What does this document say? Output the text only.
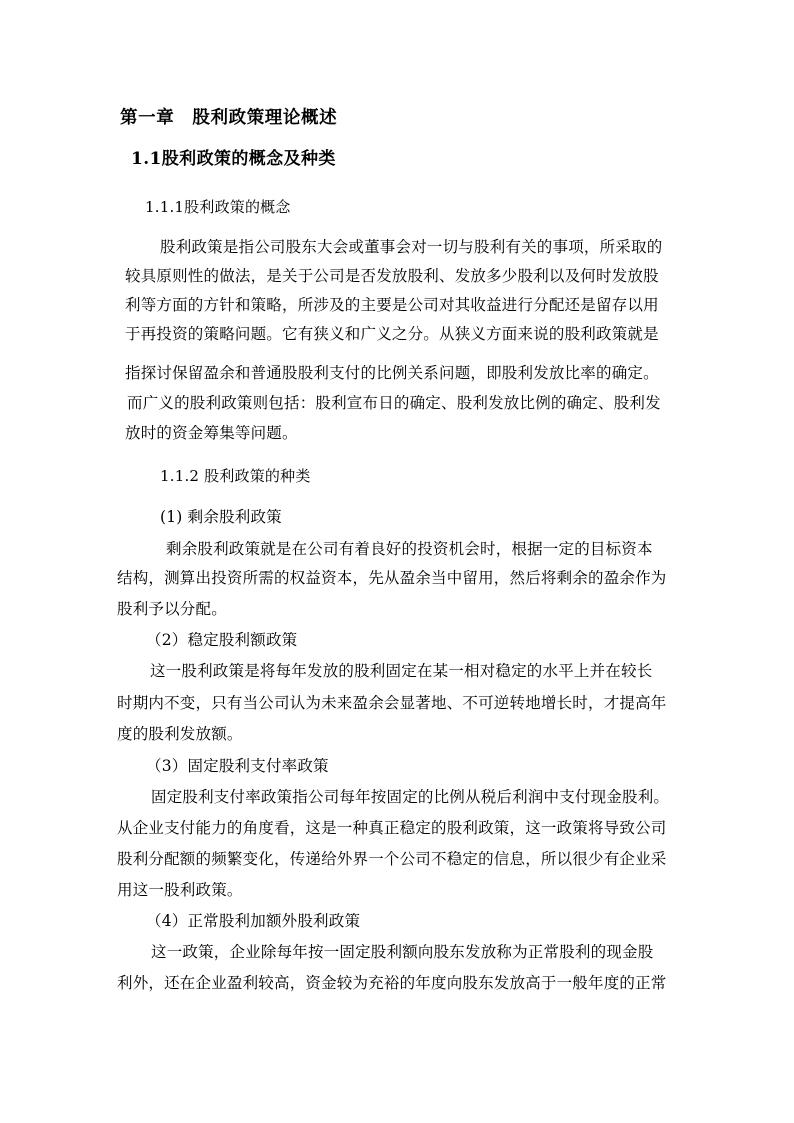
第一章　股利政策理论概述
1.1股利政策的概念及种类
1.1.1股利政策的概念
股利政策是指公司股东大会或董事会对一切与股利有关的事项，所采取的
较具原则性的做法，是关于公司是否发放股利、发放多少股利以及何时发放股
利等方面的方针和策略，所涉及的主要是公司对其收益进行分配还是留存以用
于再投资的策略问题。它有狭义和广义之分。从狭义方面来说的股利政策就是
指探讨保留盈余和普通股股利支付的比例关系问题，即股利发放比率的确定。
而广义的股利政策则包括：股利宣布日的确定、股利发放比例的确定、股利发
放时的资金筹集等问题。
1.1.2 股利政策的种类
(1) 剩余股利政策
剩余股利政策就是在公司有着良好的投资机会时，根据一定的目标资本
结构，测算出投资所需的权益资本，先从盈余当中留用，然后将剩余的盈余作为
股利予以分配。
（2）稳定股利额政策
这一股利政策是将每年发放的股利固定在某一相对稳定的水平上并在较长
时期内不变，只有当公司认为未来盈余会显著地、不可逆转地增长时，才提高年
度的股利发放额。
（3）固定股利支付率政策
固定股利支付率政策指公司每年按固定的比例从税后利润中支付现金股利。
从企业支付能力的角度看，这是一种真正稳定的股利政策，这一政策将导致公司
股利分配额的频繁变化，传递给外界一个公司不稳定的信息，所以很少有企业采
用这一股利政策。
（4）正常股利加额外股利政策
这一政策，企业除每年按一固定股利额向股东发放称为正常股利的现金股
利外，还在企业盈利较高，资金较为充裕的年度向股东发放高于一般年度的正常
